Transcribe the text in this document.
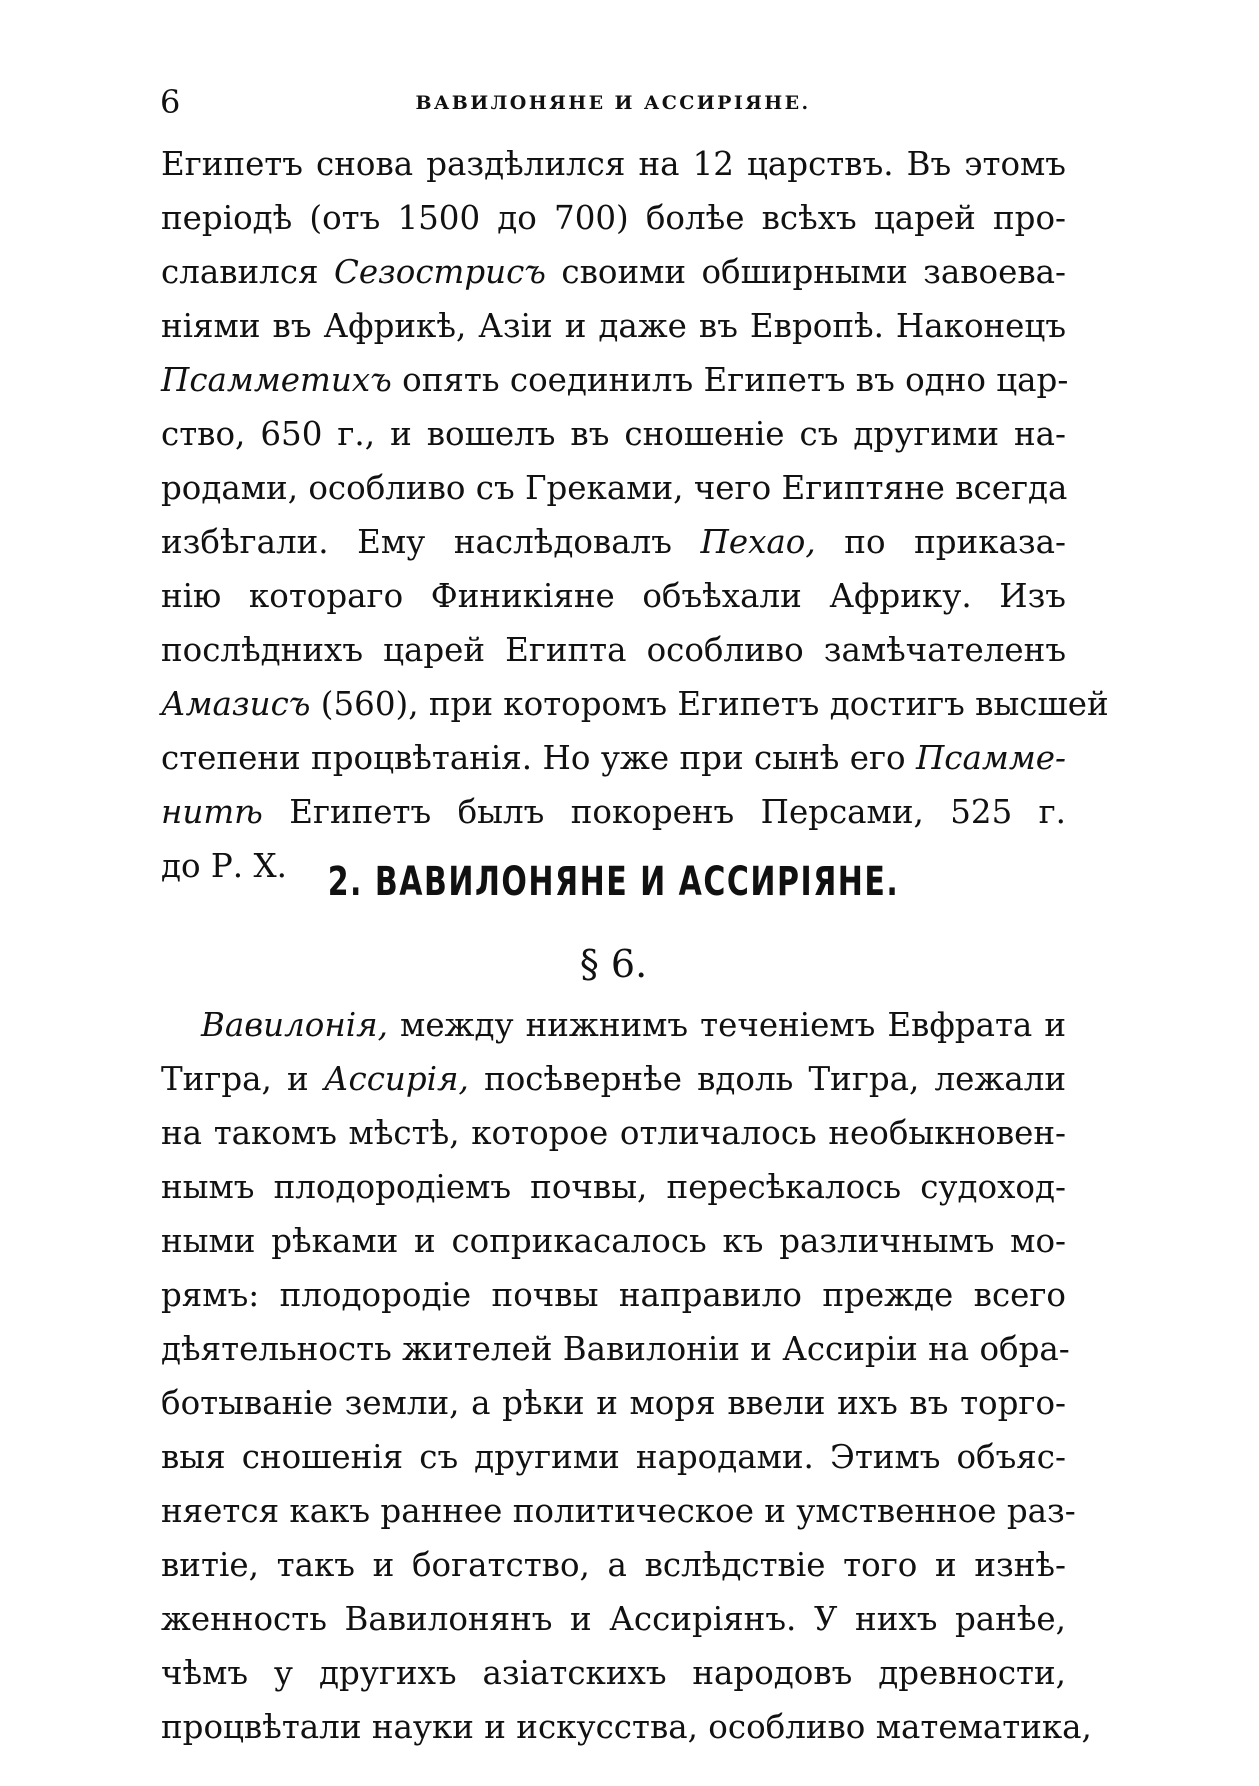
6	ВАВИЛОНЯНЕ И АССИРІЯНЕ.
Египетъ снова раздѣлился на 12 царствъ. Въ этомъ
періодѣ (отъ 1500 до 700) болѣе всѣхъ царей про-
славился Сезострисъ своими обширными завоева-
ніями въ Африкѣ, Азіи и даже въ Европѣ. Наконецъ
Псамметихъ опять соединилъ Египетъ въ одно цар-
ство, 650 г., и вошелъ въ сношеніе съ другими на-
родами, особливо съ Греками, чего Египтяне всегда
избѣгали. Ему наслѣдовалъ Пехао, по приказа-
нію котораго Финикіяне объѣхали Африку. Изъ
послѣднихъ царей Египта особливо замѣчателенъ
Амазисъ (560), при которомъ Египетъ достигъ высшей
степени процвѣтанія. Но уже при сынѣ его Псамме-
нитѣ Египетъ былъ покоренъ Персами, 525 г.
до Р. Х.	2. ВАВИЛОНЯНЕ И АССИРІЯНЕ.
§ 6.
Вавилонія, между нижнимъ теченіемъ Евфрата и
Тигра, и Ассирія, посѣвернѣе вдоль Тигра, лежали
на такомъ мѣстѣ, которое отличалось необыкновен-
нымъ плодородіемъ почвы, пересѣкалось судоход-
ными рѣками и соприкасалось къ различнымъ мо-
рямъ: плодородіе почвы направило прежде всего
дѣятельность жителей Вавилоніи и Ассиріи на обра-
ботываніе земли, а рѣки и моря ввели ихъ въ торго-
выя сношенія съ другими народами. Этимъ объяс-
няется какъ раннее политическое и умственное раз-
витіе, такъ и богатство, а вслѣдствіе того и изнѣ-
женность Вавилонянъ и Ассиріянъ. У нихъ ранѣе,
чѣмъ у другихъ азіатскихъ народовъ древности,
процвѣтали науки и искусства, особливо математика,
